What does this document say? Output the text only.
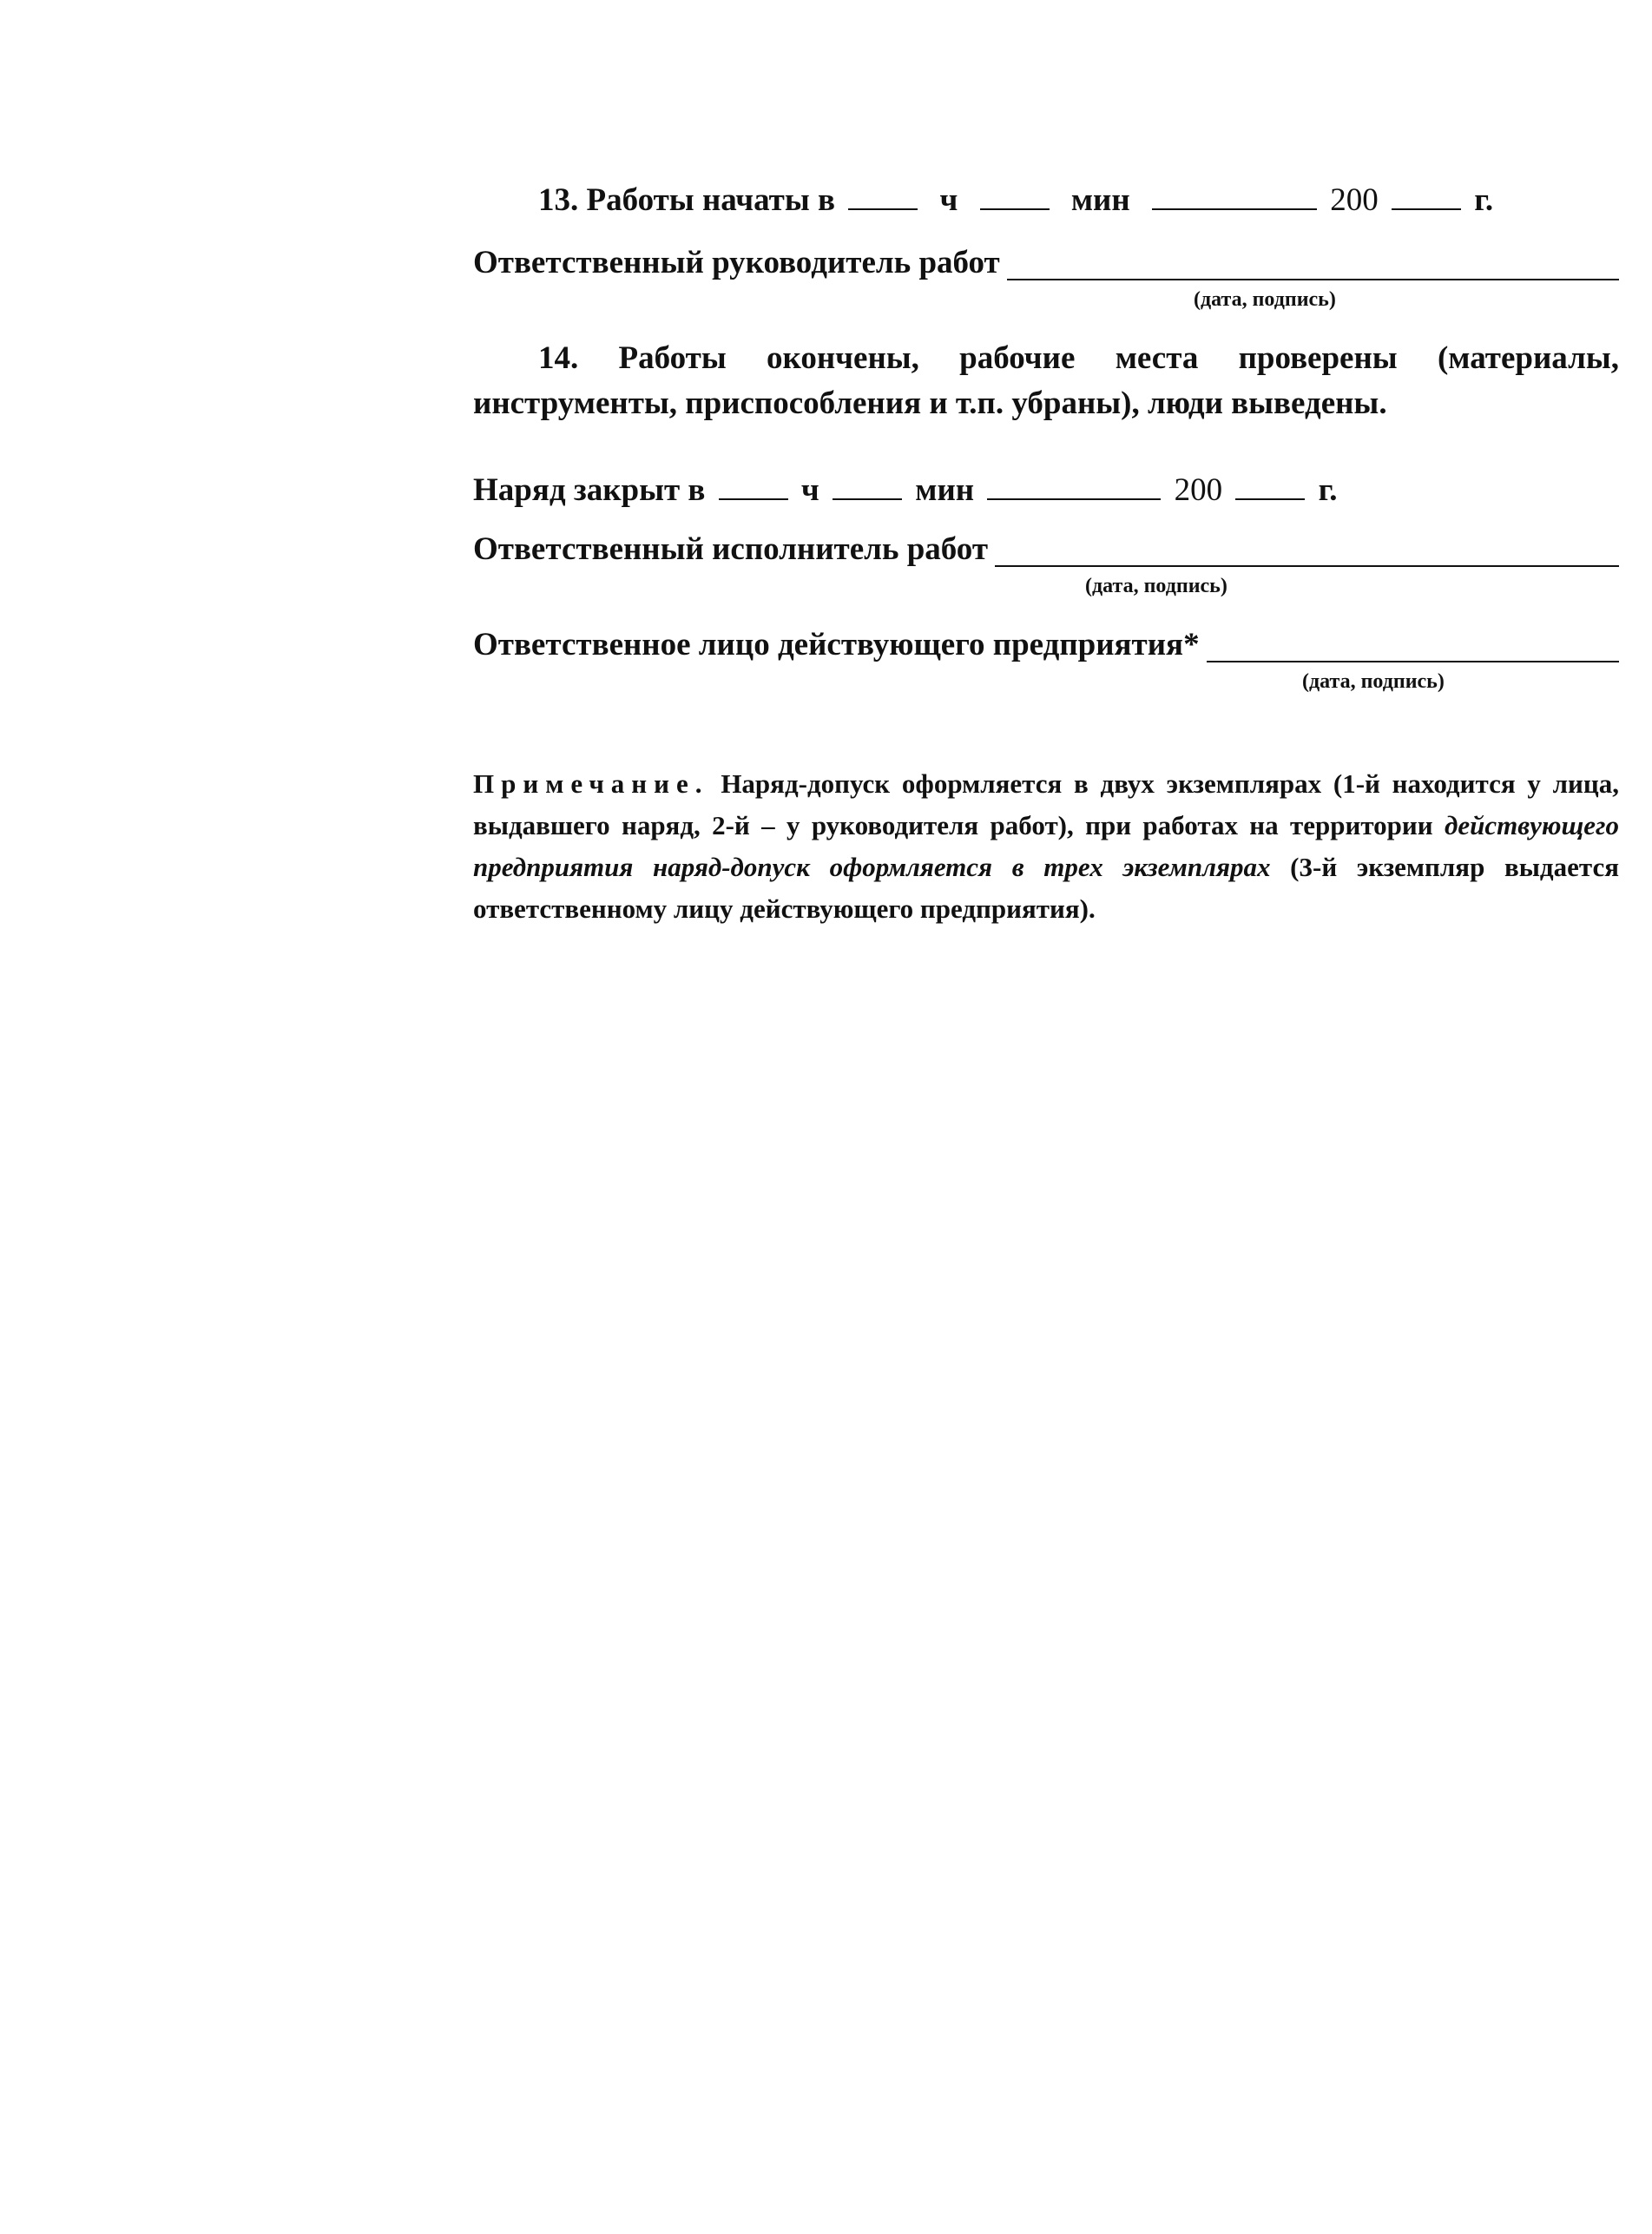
13. Работы начаты в	ч	мин	200	г.
Ответственный руководитель работ
(дата, подпись)
14. Работы окончены, рабочие места проверены (материалы, инструменты, приспособления и т.п. убраны), люди выведены.
Наряд закрыт в	ч	мин	200	г.
Ответственный исполнитель работ
(дата, подпись)
Ответственное лицо действующего предприятия*
(дата, подпись)
Примечание. Наряд-допуск оформляется в двух экземплярах (1-й находится у лица, выдавшего наряд, 2-й – у руководителя работ), при работах на территории действующего предприятия наряд-допуск оформляется в трех экземплярах (3-й экземпляр выдается ответственному лицу действующего предприятия).
